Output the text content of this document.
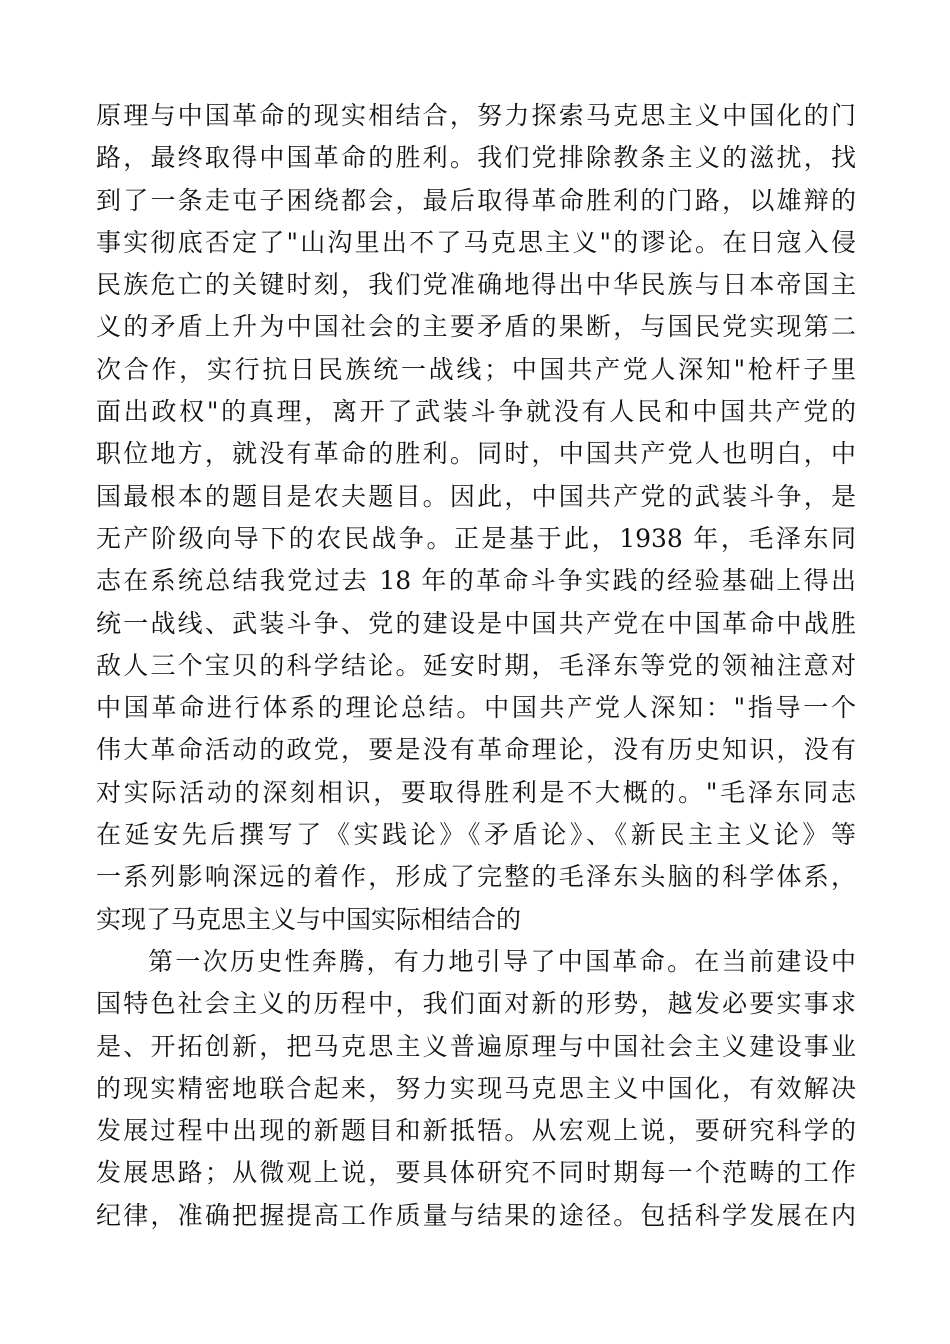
原理与中国革命的现实相结合，努力探索马克思主义中国化的门
路，最终取得中国革命的胜利。我们党排除教条主义的滋扰，找
到了一条走屯子困绕都会，最后取得革命胜利的门路，以雄辩的
事实彻底否定了"山沟里出不了马克思主义"的谬论。在日寇入侵
民族危亡的关键时刻，我们党准确地得出中华民族与日本帝国主
义的矛盾上升为中国社会的主要矛盾的果断，与国民党实现第二
次合作，实行抗日民族统一战线；中国共产党人深知"枪杆子里
面出政权"的真理，离开了武装斗争就没有人民和中国共产党的
职位地方，就没有革命的胜利。同时，中国共产党人也明白，中
国最根本的题目是农夫题目。因此，中国共产党的武装斗争，是
无产阶级向导下的农民战争。正是基于此，1938 年，毛泽东同
志在系统总结我党过去 18 年的革命斗争实践的经验基础上得出
统一战线、武装斗争、党的建设是中国共产党在中国革命中战胜
敌人三个宝贝的科学结论。延安时期，毛泽东等党的领袖注意对
中国革命进行体系的理论总结。中国共产党人深知："指导一个
伟大革命活动的政党，要是没有革命理论，没有历史知识，没有
对实际活动的深刻相识，要取得胜利是不大概的。"毛泽东同志
在延安先后撰写了《实践论》《矛盾论》、《新民主主义论》等
一系列影响深远的着作，形成了完整的毛泽东头脑的科学体系，
实现了马克思主义与中国实际相结合的
第一次历史性奔腾，有力地引导了中国革命。在当前建设中
国特色社会主义的历程中，我们面对新的形势，越发必要实事求
是、开拓创新，把马克思主义普遍原理与中国社会主义建设事业
的现实精密地联合起来，努力实现马克思主义中国化，有效解决
发展过程中出现的新题目和新抵牾。从宏观上说，要研究科学的
发展思路；从微观上说，要具体研究不同时期每一个范畴的工作
纪律，准确把握提高工作质量与结果的途径。包括科学发展在内
